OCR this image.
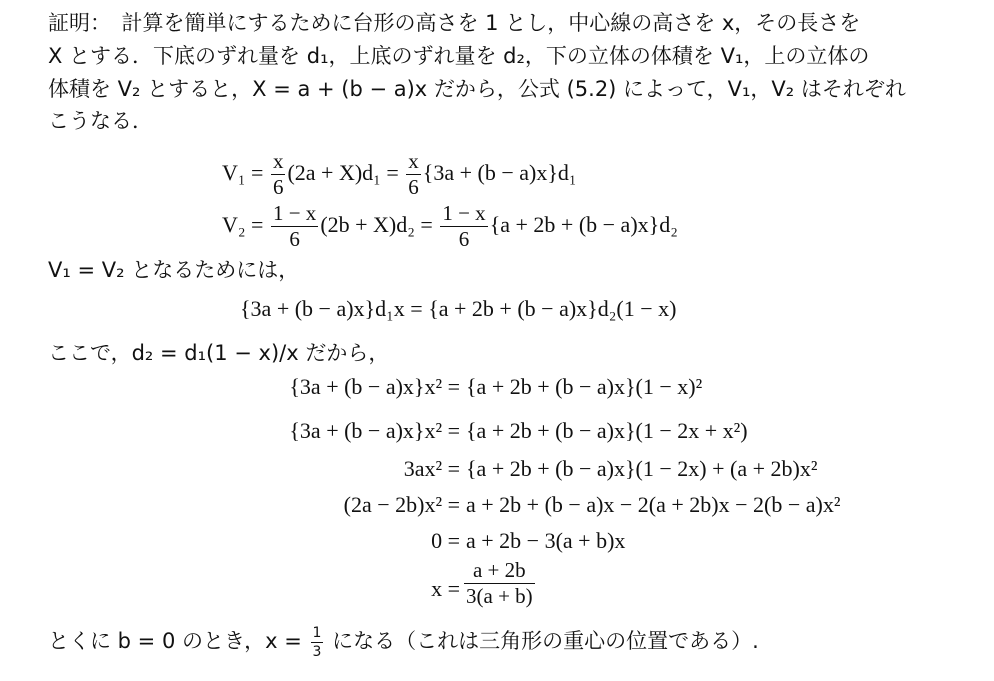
証明：　計算を簡単にするために台形の高さを 1 とし，中心線の高さを x，その長さを
X とする．下底のずれ量を d₁，上底のずれ量を d₂，下の立体の体積を V₁，上の立体の
体積を V₂ とすると，X = a + (b − a)x だから，公式 (5.2) によって，V₁，V₂ はそれぞれ
こうなる．
$V_1 = \frac{x}{6} (2a + X)d_1 = \frac{x}{6} \{3a + (b - a)x\}d_1$
$V_2 = \frac{1 - x}{6} (2b + X)d_2 = \frac{1 - x}{6} \{a + 2b + (b - a)x\}d_2$
V₁ = V₂ となるためには，
{3a + (b − a)x}d₁x = {a + 2b + (b − a)x}d₂(1 − x)
ここで，d₂ = d₁(1 − x)/x だから，
{3a + (b − a)x}x² = {a + 2b + (b − a)x}(1 − x)²
{3a + (b − a)x}x² = {a + 2b + (b − a)x}(1 − 2x + x²)
3ax² = {a + 2b + (b − a)x}(1 − 2x) + (a + 2b)x²
(2a − 2b)x² = a + 2b + (b − a)x − 2(a + 2b)x − 2(b − a)x²
0 = a + 2b − 3(a + b)x
$x = \frac{a + 2b}{3(a + b)}$
とくに b = 0 のとき，$x = \frac{1}{3}$ になる（これは三角形の重心の位置である）.
